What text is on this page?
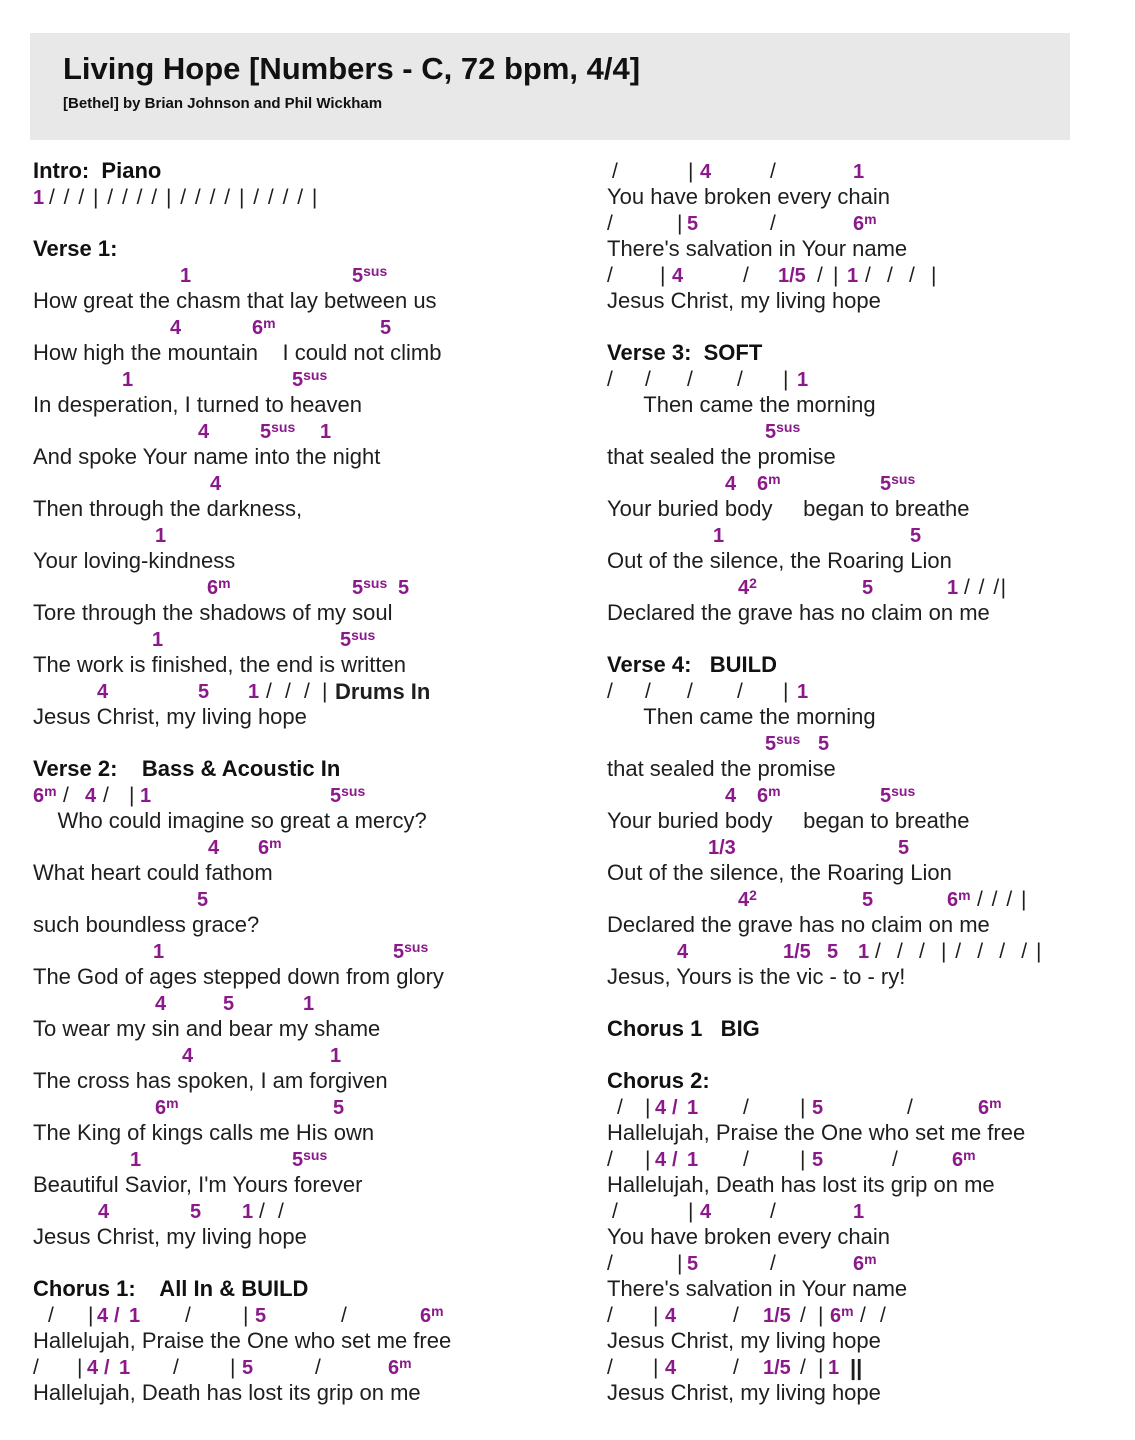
Living Hope [Numbers - C, 72 bpm, 4/4]
[Bethel] by Brian Johnson and Phil Wickham
Intro:  Piano
1 / / / | / / / / | / / / / | / / / / |
Verse 1:
1	$5^{sus}$
How great the chasm that lay between us
4	6$^m$	5
How high the mountain    I could not climb
1	$5^{sus}$
In desperation, I turned to heaven
4	$5^{sus}$ 1
And spoke Your name into the night
4
Then through the darkness,
1
Your loving-kindness
6$^m$	$5^{sus}$ 5
Tore through the shadows of my soul
1	$5^{sus}$
The work is finished, the end is written
4	5 1 / / / | Drums In
Jesus Christ, my living hope
Verse 2:    Bass & Acoustic In
6$^m$ / 4 / | 1	$5^{sus}$
Who could imagine so great a mercy?
4 6$^m$
What heart could fathom
5
such boundless grace?
1	$5^{sus}$
The God of ages stepped down from glory
4	5	1
To wear my sin and bear my shame
4	1
The cross has spoken, I am forgiven
6$^m$	5
The King of kings calls me His own
1	$5^{sus}$
Beautiful Savior, I'm Yours forever
4	5 1 / /
Jesus Christ, my living hope
Chorus 1:    All In & BUILD
/ | 4 / 1 / | 5	/	6$^m$
Hallelujah, Praise the One who set me free
/ | 4 / 1 / | 5	/	6$^m$
Hallelujah, Death has lost its grip on me
/	| 4	/	1
You have broken every chain
/	| 5	/	6$^m$
There's salvation in Your name
/ | 4	/ 1/5 / | 1 /  /  /  |
Jesus Christ, my living hope
Verse 3:  SOFT
/ / / / | 1
Then came the morning
$5^{sus}$
that sealed the promise
4 6$^m$	$5^{sus}$
Your buried body     began to breathe
1	5
Out of the silence, the Roaring Lion
$4^2$	5	1 / / /|
Declared the grave has no claim on me
Verse 4:   BUILD
/ / / / | 1
Then came the morning
$5^{sus}$ 5
that sealed the promise
4 6$^m$	$5^{sus}$
Your buried body     began to breathe
1/3	5
Out of the silence, the Roaring Lion
$4^2$	5	6$^m$ / / / |
Declared the grave has no claim on me
4	1/5 5 1 /  /  /  | /  /  /  / |
Jesus, Yours is the vic - to - ry!
Chorus 1   BIG
Chorus 2:
/ | 4 / 1 / | 5	/	6$^m$
Hallelujah, Praise the One who set me free
/ | 4 / 1 / | 5	/	6$^m$
Hallelujah, Death has lost its grip on me
/	| 4	/	1
You have broken every chain
/	| 5	/	6$^m$
There's salvation in Your name
/ | 4	/ 1/5 / | 6$^m$ / /
Jesus Christ, my living hope
/ | 4	/ 1/5 / | 1 ||
Jesus Christ, my living hope
